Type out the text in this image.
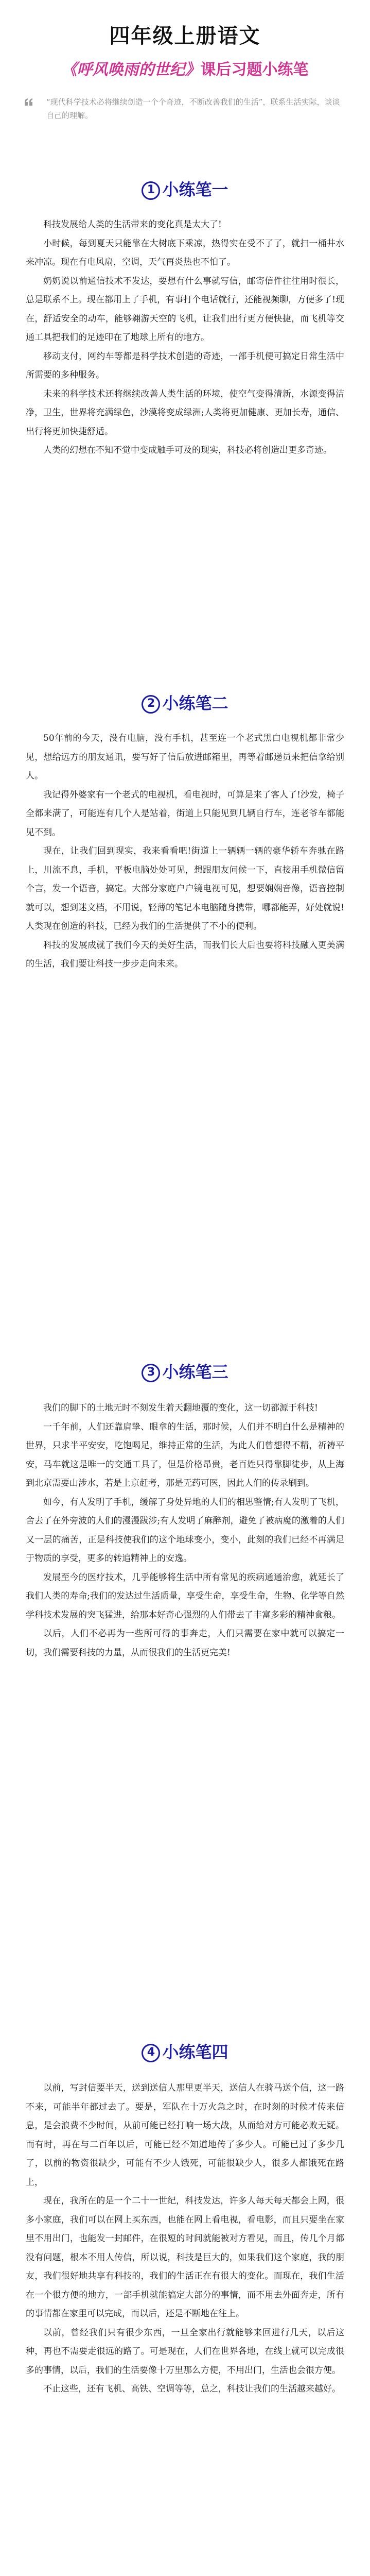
四年级上册语文
《呼风唤雨的世纪》课后习题小练笔
“现代科学技术必将继续创造一个个奇迹，不断改善我们的生活”，联系生活实际，谈谈自己的理解。
1 小练笔一

科技发展给人类的生活带来的变化真是太大了!

小时候，每到夏天只能靠在大树底下乘凉，热得实在受不了了，就扫一桶井水来冲凉。现在有电风扇，空调，天气再炎热也不怕了。

奶奶说以前通信技术不发达，要想有什么事就写信，邮寄信件往往用时很长，总是联系不上。现在都用上了手机，有事打个电话就行，还能视频聊，方便多了!现在，舒适安全的动车，能够翱游天空的飞机，让我们出行更方便快捷，而飞机等交通工具把我们的足迹印在了地球上所有的地方。

移动支付，网约车等都是科学技术创造的奇迹，一部手机便可搞定日常生活中所需要的多种服务。

未来的科学技术还将继续改善人类生活的环境，使空气变得清新，水源变得洁净，卫生，世界将充满绿色，沙漠将变成绿洲;人类将更加健康、更加长寿，通信、出行将更加快捷舒适。

人类的幻想在不知不觉中变成触手可及的现实，科技必将创造出更多奇迹。

2 小练笔二

50年前的今天，没有电脑，没有手机，甚至连一个老式黑白电视机都非常少见，想给远方的朋友通讯，要写好了信后放进邮箱里，再等着邮递员来把信拿给别人。

我记得外婆家有一个老式的电视机，看电视时，可算是来了客人了!沙发，椅子全都来满了，可能连有几个人是站着，街道上只能见到几辆自行车，连老爷车都能见不到。

现在，让我们回到现实，我来看看吧!街道上一辆辆一辆的豪华轿车奔驰在路上，川流不息，手机，平板电脑处处可见，想跟朋友问候一下，直接用手机微信留个言，发一个语音，搞定。大部分家庭户户镜电视可见，想要娴娴音像，语音控制就可以，想到迷文档，不用说，轻薄的笔记本电脑随身携带，哪都能弄，好处就说!人类现在创造的科技，已经为我们的生活提供了不小的便利。

科技的发展成就了我们今天的美好生活，而我们长大后也要将科技融入更美满的生活，我们要让科技一步步走向未来。

3 小练笔三

我们的脚下的土地无时不刻发生着天翻地覆的变化，这一切都源于科技!

一千年前，人们还靠肩挚、眼拿的生活，那时候，人们并不明白什么是精神的世界，只求半平安安，吃饱喝足，维持正常的生活，为此人们曾想得不精，祈祷平安，马车就这是唯一的交通工具了，但是价格昂贵，老百姓只得靠脚徒步，从上海到北京需要山涉水，若是上京赶考，那是无药可医，因此人们的传录刷到。

如今，有人发明了手机，缓解了身处异地的人们的相思整情;有人发明了飞机，舍去了在外旁波的人们的漫漫跋涉;有人发明了麻醉剂，避免了被病魔的激着的人们又一层的痛苦，正是科技使我们的这个地球变小，变小，此刻的我们已经不再满足于物质的享受，更多的转追精神上的安逸。

发展至今的医疗技术，几乎能够将生活中所有常见的疾病通通治愈，就延长了我们人类的寿命;我们的发达过生活质量，享受生命，享受生命，生物、化学等自然学科技术发展的突飞猛进，给那本好奇心强烈的人们带去了丰富多彩的精神食粮。

以后，人们不必再为一些所可得的事奔走，人们只需要在家中就可以搞定一切，我们需要科技的力量，从而很我们的生活更完美!

4 小练笔四

以前，写封信要半天，送到送信人那里更半天，送信人在骑马送个信，这一路不来，可能半年都过去了。要是，军队在十万火急之时，在时刻的时候才传来信息，是会浪费不少时间，从前可能已经打响一场大战，从而给对方可能必败无疑。而有时，再在与二百年以后，可能已经不知道地传了多少人。可能已过了多少几了，以前的物资很缺少，可能有不少人饿死，可能很缺少人，很多人都饿死在路上，

现在，我所在的是一个二十一世纪，科技发达，许多人每天每天都会上网，很多小家庭，我们可以在网上买东西，也能在网上看电视，看电影，而且只要坐在家里不用出门，也能发一封邮件，在很短的时间就能被对方看见，而且，传几个月都没有问题，根本不用人传信，所以说，科技是巨大的，如果我们这个家庭，我的朋友，我们很好地共享有科技的，我们的生活正在有很大的变化。而现在，我们生活在一个很方便的地方，一部手机就能搞定大部分的事情，而不用去外面奔走，所有的事情都在家里可以完成，而以后，还是不断地在往上。

以前，曾经我们只有很少东西，一旦全家出行就能够来回进行几天，以后这种，再也不需要走很远的路了。可是现在，人们在世界各地，在线上就可以完成很多的事情，以后，我们的生活要像十万里那么方便，不用出门，生活也会很方便。

不止这些，还有飞机、高铁、空调等等，总之，科技让我们的生活越来越好。
